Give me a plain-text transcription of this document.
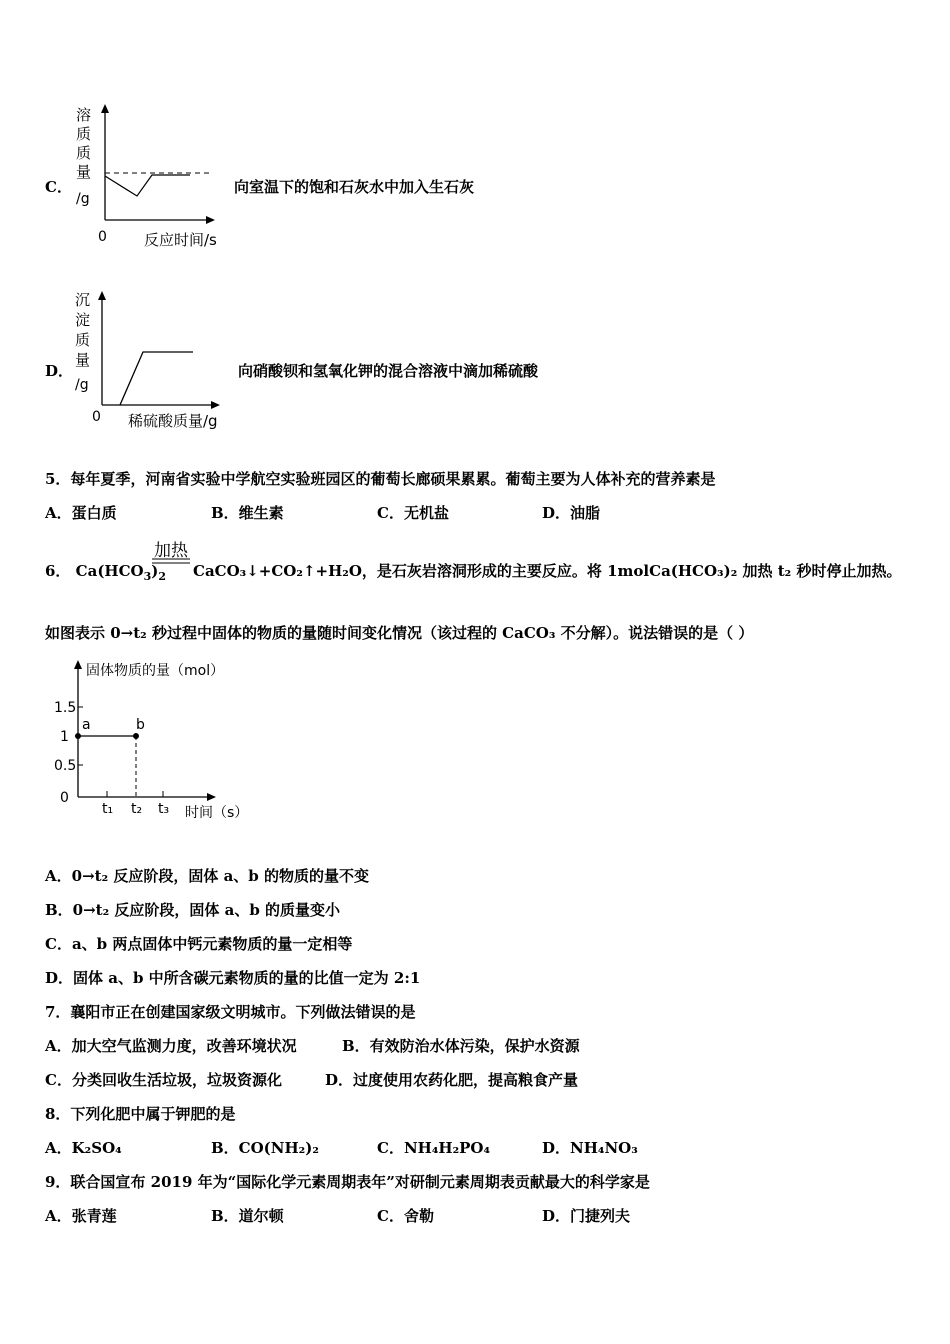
C．
溶
质
质
量
/g
0 反应时间/s
向室温下的饱和石灰水中加入生石灰
D．
沉
淀
质
量
/g
0 稀硫酸质量/g
向硝酸钡和氢氧化钾的混合溶液中滴加稀硫酸
5．每年夏季，河南省实验中学航空实验班园区的葡萄长廊硕果累累。葡萄主要为人体补充的营养素是
A．蛋白质	B．维生素	C．无机盐	D．油脂
6． $Ca(HCO_3)_2$
加热
CaCO₃↓+CO₂↑+H₂O，是石灰岩溶洞形成的主要反应。将 1molCa(HCO₃)₂ 加热 t₂ 秒时停止加热。
如图表示 0→t₂ 秒过程中固体的物质的量随时间变化情况（该过程的 CaCO₃ 不分解）。说法错误的是（ ）
固体物质的量（mol）
1.5
1
0.5
0
a	b
t₁ t₂ t₃ 时间（s）
A．0→t₂ 反应阶段，固体 a、b 的物质的量不变
B．0→t₂ 反应阶段，固体 a、b 的质量变小
C．a、b 两点固体中钙元素物质的量一定相等
D．固体 a、b 中所含碳元素物质的量的比值一定为 2:1
7．襄阳市正在创建国家级文明城市。下列做法错误的是
A．加大空气监测力度，改善环境状况	B．有效防治水体污染，保护水资源
C．分类回收生活垃圾，垃圾资源化	D．过度使用农药化肥，提高粮食产量
8．下列化肥中属于钾肥的是
A．K₂SO₄	B．CO(NH₂)₂	C．NH₄H₂PO₄	D．NH₄NO₃
9．联合国宣布 2019 年为“国际化学元素周期表年”对研制元素周期表贡献最大的科学家是
A．张青莲	B．道尔顿	C．舍勒	D．门捷列夫
